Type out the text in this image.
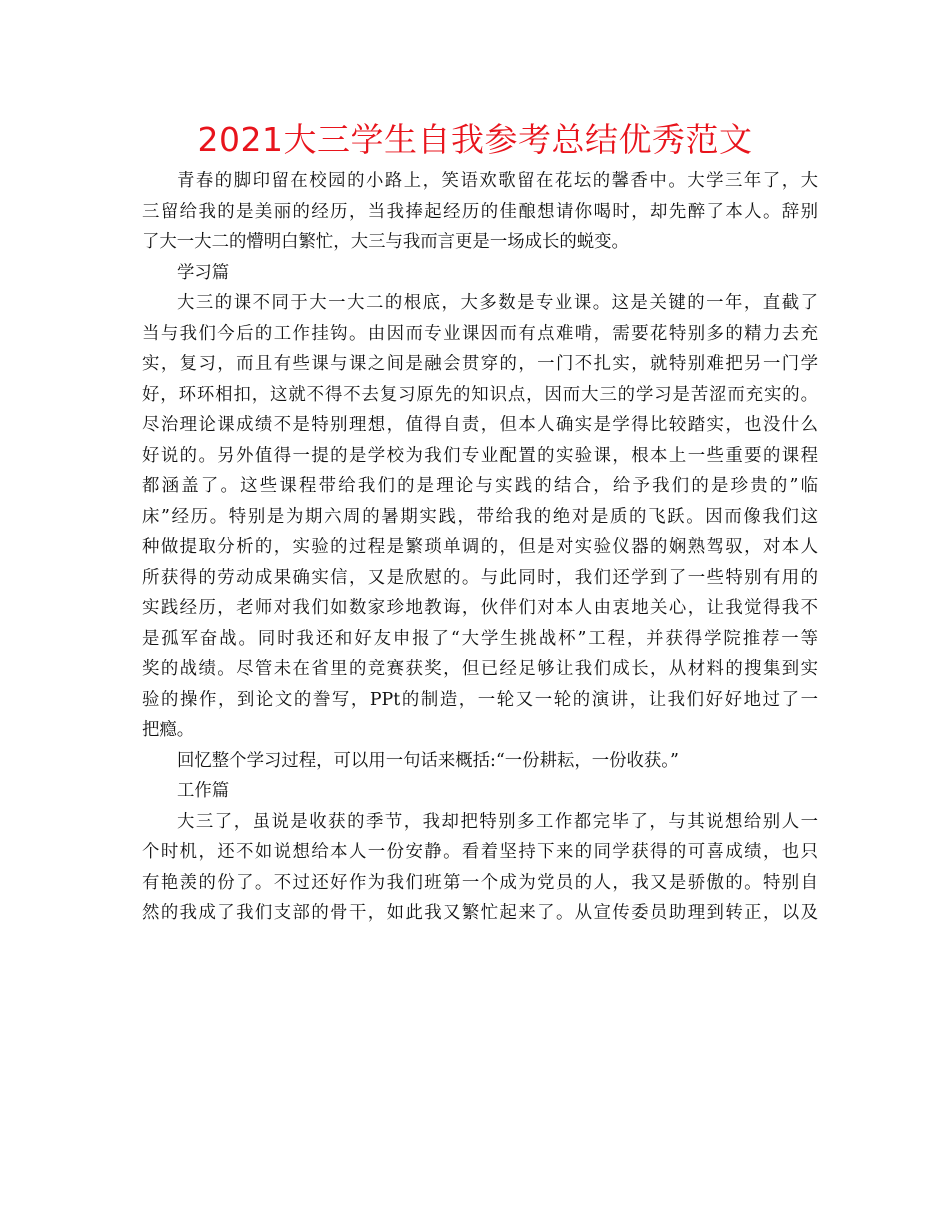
2021大三学生自我参考总结优秀范文
青春的脚印留在校园的小路上，笑语欢歌留在花坛的馨香中。大学三年了，大
三留给我的是美丽的经历，当我捧起经历的佳酿想请你喝时，却先醉了本人。辞别
了大一大二的懵明白繁忙，大三与我而言更是一场成长的蜕变。
学习篇
大三的课不同于大一大二的根底，大多数是专业课。这是关键的一年，直截了
当与我们今后的工作挂钩。由因而专业课因而有点难啃，需要花特别多的精力去充
实，复习，而且有些课与课之间是融会贯穿的，一门不扎实，就特别难把另一门学
好，环环相扣，这就不得不去复习原先的知识点，因而大三的学习是苦涩而充实的。
尽治理论课成绩不是特别理想，值得自责，但本人确实是学得比较踏实，也没什么
好说的。另外值得一提的是学校为我们专业配置的实验课，根本上一些重要的课程
都涵盖了。这些课程带给我们的是理论与实践的结合，给予我们的是珍贵的”临
床”经历。特别是为期六周的暑期实践，带给我的绝对是质的飞跃。因而像我们这
种做提取分析的，实验的过程是繁琐单调的，但是对实验仪器的娴熟驾驭，对本人
所获得的劳动成果确实信，又是欣慰的。与此同时，我们还学到了一些特别有用的
实践经历，老师对我们如数家珍地教诲，伙伴们对本人由衷地关心，让我觉得我不
是孤军奋战。同时我还和好友申报了“大学生挑战杯”工程，并获得学院推荐一等
奖的战绩。尽管未在省里的竞赛获奖，但已经足够让我们成长，从材料的搜集到实
验的操作，到论文的誊写，PPt的制造，一轮又一轮的演讲，让我们好好地过了一
把瘾。
回忆整个学习过程，可以用一句话来概括:“一份耕耘，一份收获。”
工作篇
大三了，虽说是收获的季节，我却把特别多工作都完毕了，与其说想给别人一
个时机，还不如说想给本人一份安静。看着坚持下来的同学获得的可喜成绩，也只
有艳羡的份了。不过还好作为我们班第一个成为党员的人，我又是骄傲的。特别自
然的我成了我们支部的骨干，如此我又繁忙起来了。从宣传委员助理到转正，以及
